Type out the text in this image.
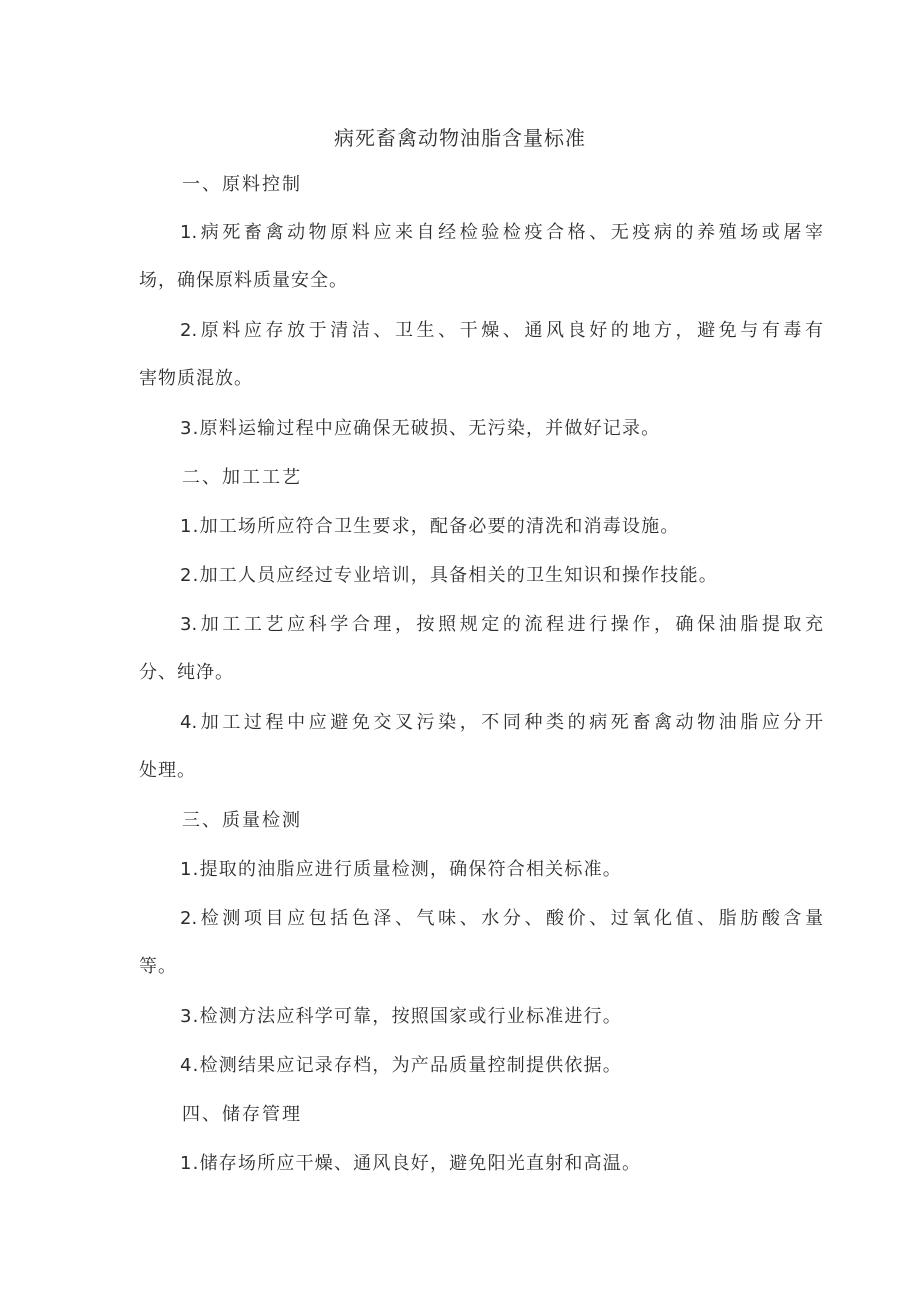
病死畜禽动物油脂含量标准

一、原料控制

1.病死畜禽动物原料应来自经检验检疫合格、无疫病的养殖场或屠宰

场，确保原料质量安全。

2.原料应存放于清洁、卫生、干燥、通风良好的地方，避免与有毒有

害物质混放。

3.原料运输过程中应确保无破损、无污染，并做好记录。

二、加工工艺

1.加工场所应符合卫生要求，配备必要的清洗和消毒设施。

2.加工人员应经过专业培训，具备相关的卫生知识和操作技能。

3.加工工艺应科学合理，按照规定的流程进行操作，确保油脂提取充

分、纯净。

4.加工过程中应避免交叉污染，不同种类的病死畜禽动物油脂应分开

处理。

三、质量检测

1.提取的油脂应进行质量检测，确保符合相关标准。

2.检测项目应包括色泽、气味、水分、酸价、过氧化值、脂肪酸含量

等。

3.检测方法应科学可靠，按照国家或行业标准进行。

4.检测结果应记录存档，为产品质量控制提供依据。

四、储存管理

1.储存场所应干燥、通风良好，避免阳光直射和高温。
